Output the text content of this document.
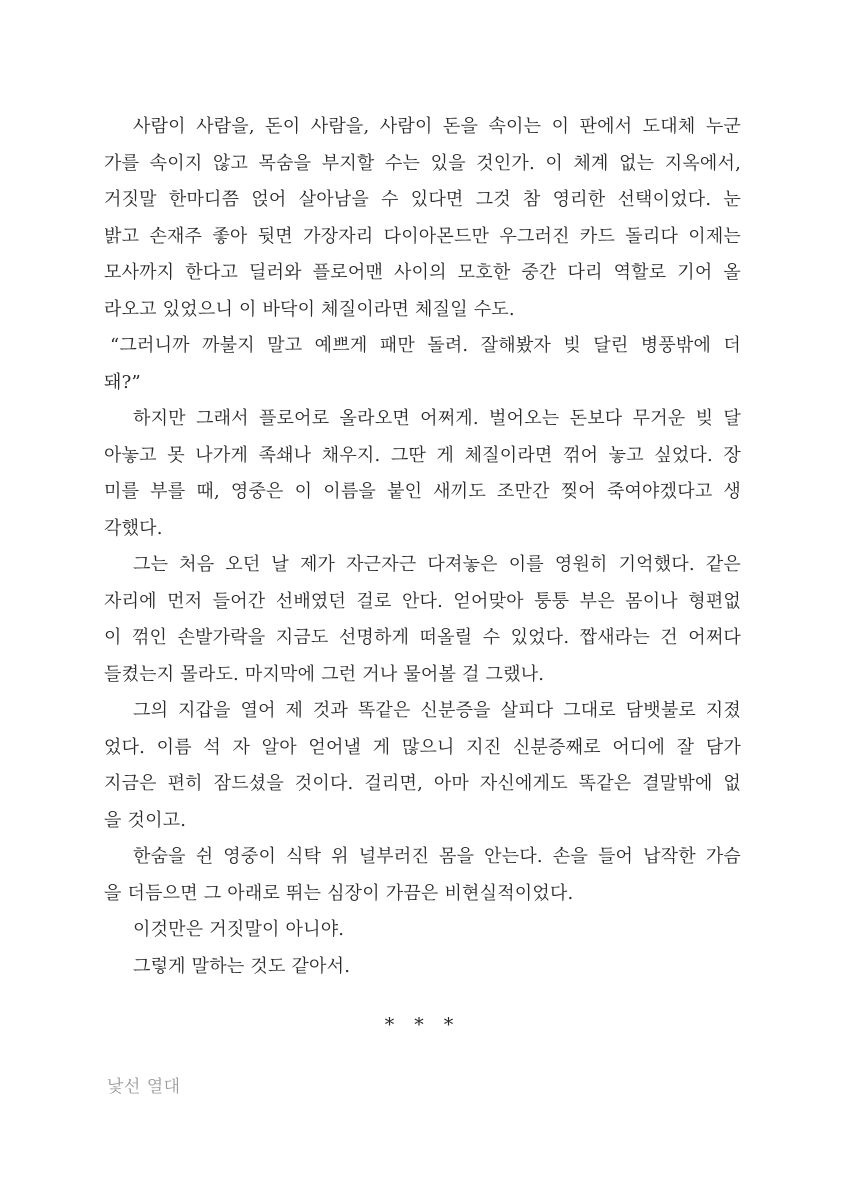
사람이 사람을, 돈이 사람을, 사람이 돈을 속이는 이 판에서 도대체 누군
가를 속이지 않고 목숨을 부지할 수는 있을 것인가. 이 체계 없는 지옥에서,
거짓말 한마디쯤 얹어 살아남을 수 있다면 그것 참 영리한 선택이었다. 눈
밝고 손재주 좋아 뒷면 가장자리 다이아몬드만 우그러진 카드 돌리다 이제는
모사까지 한다고 딜러와 플로어맨 사이의 모호한 중간 다리 역할로 기어 올
라오고 있었으니 이 바닥이 체질이라면 체질일 수도.
“그러니까 까불지 말고 예쁘게 패만 돌려. 잘해봤자 빚 달린 병풍밖에 더
돼?”
하지만 그래서 플로어로 올라오면 어쩌게. 벌어오는 돈보다 무거운 빚 달
아놓고 못 나가게 족쇄나 채우지. 그딴 게 체질이라면 꺾어 놓고 싶었다. 장
미를 부를 때, 영중은 이 이름을 붙인 새끼도 조만간 찢어 죽여야겠다고 생
각했다.
그는 처음 오던 날 제가 자근자근 다져놓은 이를 영원히 기억했다. 같은
자리에 먼저 들어간 선배였던 걸로 안다. 얻어맞아 퉁퉁 부은 몸이나 형편없
이 꺾인 손발가락을 지금도 선명하게 떠올릴 수 있었다. 짭새라는 건 어쩌다
들켰는지 몰라도. 마지막에 그런 거나 물어볼 걸 그랬나.
그의 지갑을 열어 제 것과 똑같은 신분증을 살피다 그대로 담뱃불로 지졌
었다. 이름 석 자 알아 얻어낼 게 많으니 지진 신분증째로 어디에 잘 담가
지금은 편히 잠드셨을 것이다. 걸리면, 아마 자신에게도 똑같은 결말밖에 없
을 것이고.
한숨을 쉰 영중이 식탁 위 널부러진 몸을 안는다. 손을 들어 납작한 가슴
을 더듬으면 그 아래로 뛰는 심장이 가끔은 비현실적이었다.
이것만은 거짓말이 아니야.
그렇게 말하는 것도 같아서.
* * *
낯선 열대
